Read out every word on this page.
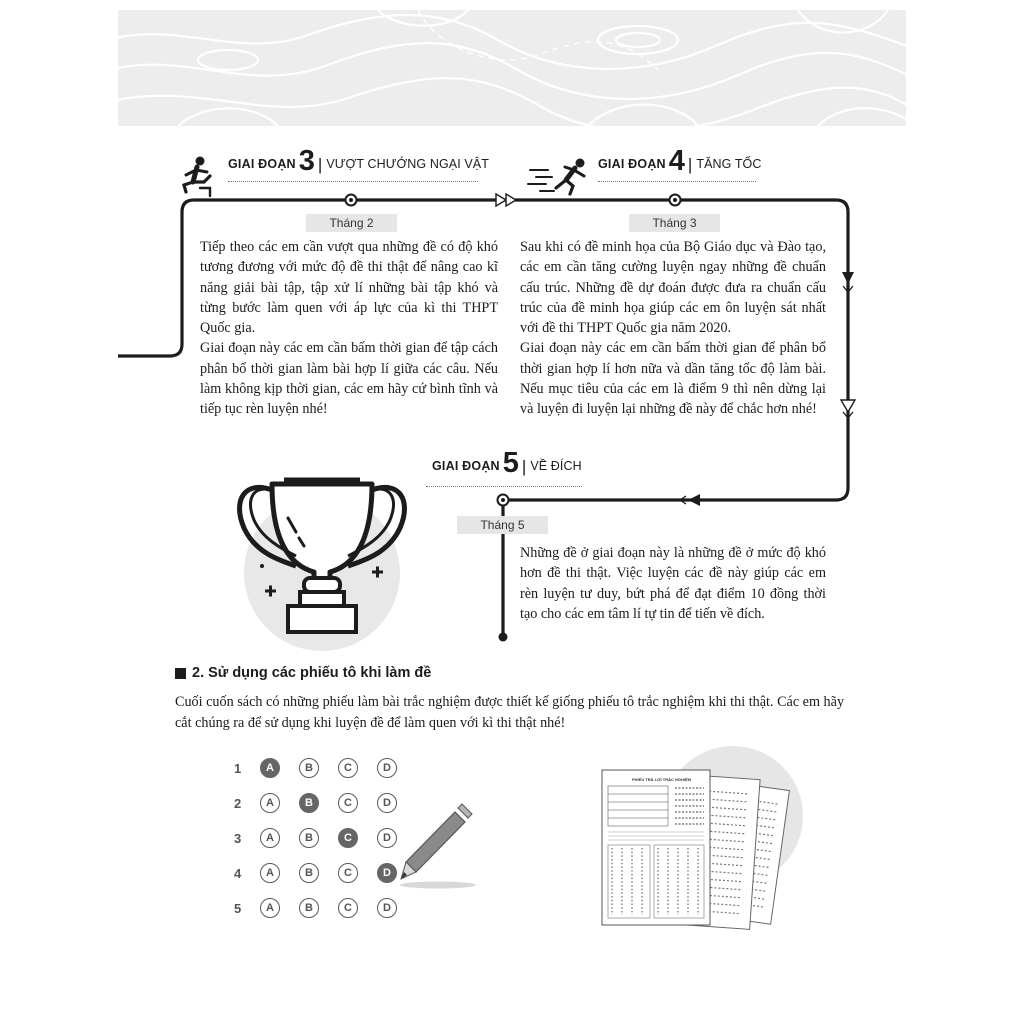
PHIẾU TRẢ LỜI TRẮC NGHIỆM
GIAI ĐOẠN 3 | VƯỢT CHƯỚNG NGẠI VẬT
Tháng 2

Tiếp theo các em cần vượt qua những đề có độ khó tương đương với mức độ đề thi thật để nâng cao kĩ năng giải bài tập, tập xử lí những bài tập khó và từng bước làm quen với áp lực của kì thi THPT Quốc gia.

Giai đoạn này các em cần bấm thời gian để tập cách phân bổ thời gian làm bài hợp lí giữa các câu. Nếu làm không kịp thời gian, các em hãy cứ bình tĩnh và tiếp tục rèn luyện nhé!

GIAI ĐOẠN 4 | TĂNG TỐC
Tháng 3

Sau khi có đề minh họa của Bộ Giáo dục và Đào tạo, các em cần tăng cường luyện ngay những đề chuẩn cấu trúc. Những đề dự đoán được đưa ra chuẩn cấu trúc của đề minh họa giúp các em ôn luyện sát nhất với đề thi THPT Quốc gia năm 2020.

Giai đoạn này các em cần bấm thời gian để phân bổ thời gian hợp lí hơn nữa và dần tăng tốc độ làm bài. Nếu mục tiêu của các em là điểm 9 thì nên dừng lại và luyện đi luyện lại những đề này để chắc hơn nhé!

GIAI ĐOẠN 5 | VỀ ĐÍCH
Tháng 5

Những đề ở giai đoạn này là những đề ở mức độ khó hơn đề thi thật. Việc luyện các đề này giúp các em rèn luyện tư duy, bứt phá để đạt điểm 10 đồng thời tạo cho các em tâm lí tự tin để tiến về đích.

2. Sử dụng các phiếu tô khi làm đề
Cuối cuốn sách có những phiếu làm bài trắc nghiệm được thiết kế giống phiếu tô trắc nghiệm khi thi thật. Các em hãy cắt chúng ra để sử dụng khi luyện đề để làm quen với kì thi thật nhé!
1	A	B	C	D
2	A	B	C	D
3	A	B	C	D
4	A	B	C	D
5	A	B	C	D
